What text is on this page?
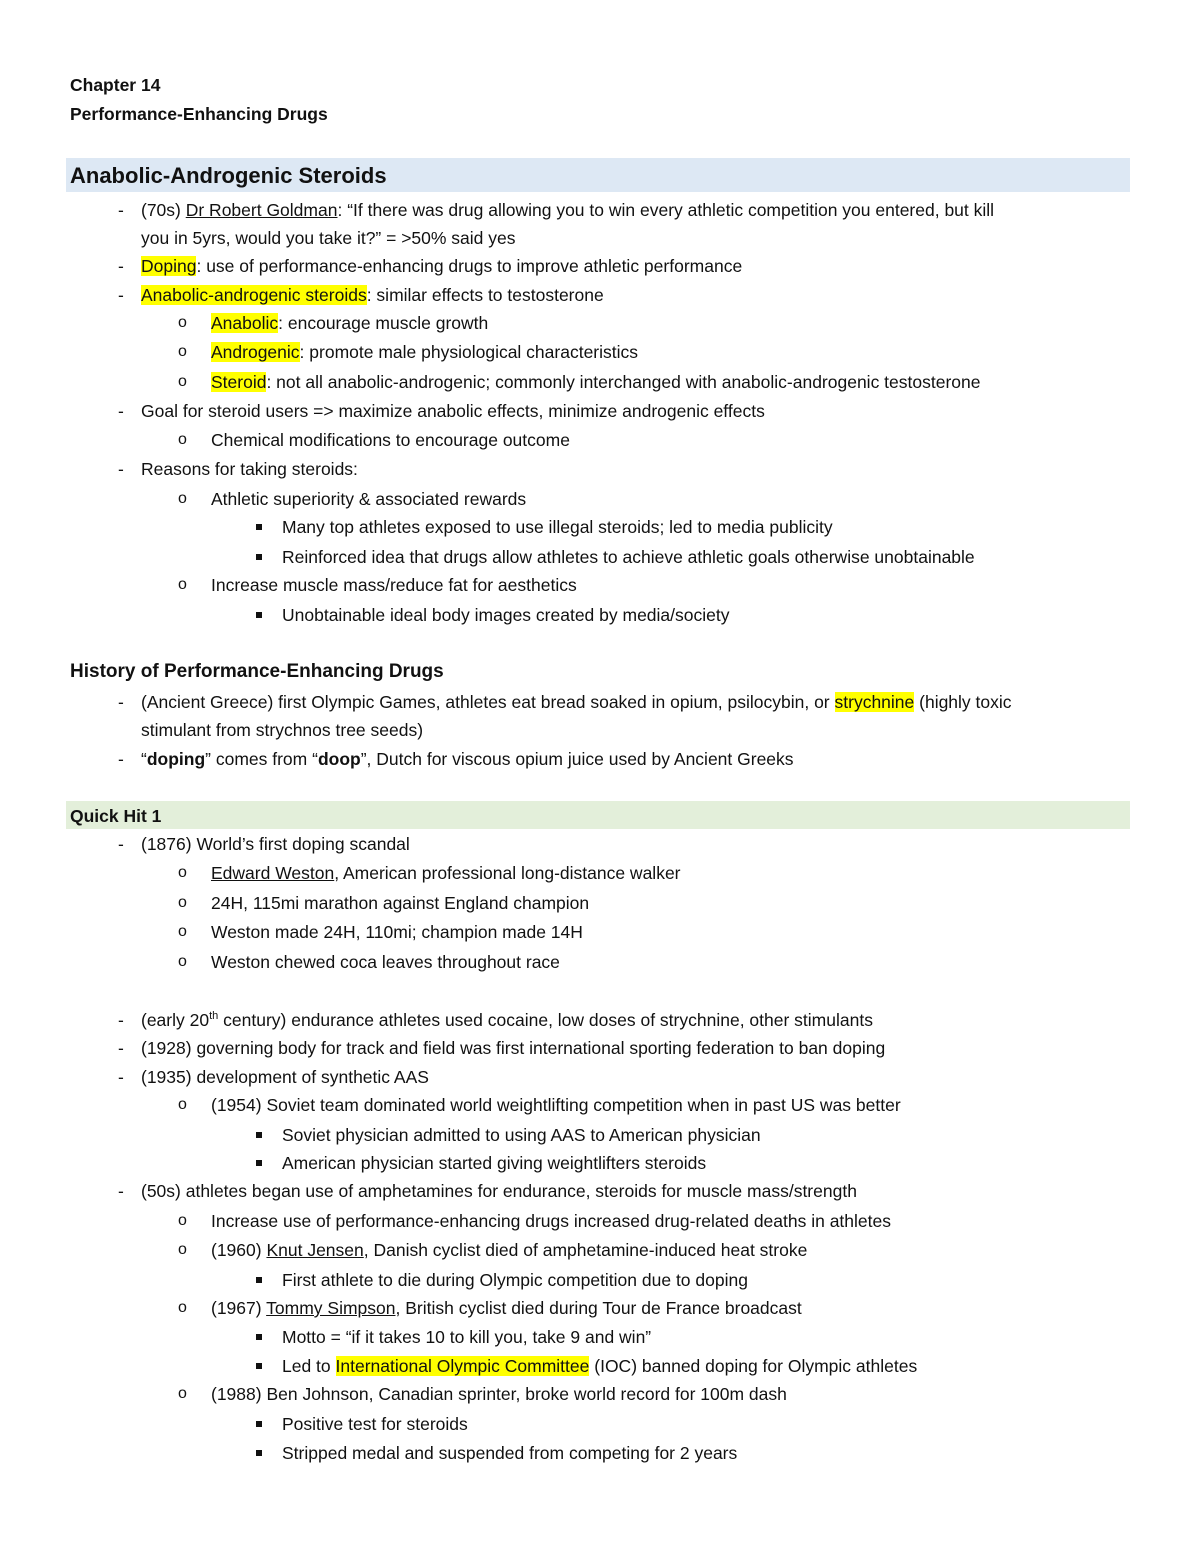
Chapter 14
Performance-Enhancing Drugs
Anabolic-Androgenic Steroids
- (70s) Dr Robert Goldman: “If there was drug allowing you to win every athletic competition you entered, but kill
you in 5yrs, would you take it?” = >50% said yes
- Doping: use of performance-enhancing drugs to improve athletic performance
- Anabolic-androgenic steroids: similar effects to testosterone
o Anabolic: encourage muscle growth
o Androgenic: promote male physiological characteristics
o Steroid: not all anabolic-androgenic; commonly interchanged with anabolic-androgenic testosterone
- Goal for steroid users => maximize anabolic effects, minimize androgenic effects
o Chemical modifications to encourage outcome
- Reasons for taking steroids:
o Athletic superiority & associated rewards
Many top athletes exposed to use illegal steroids; led to media publicity
Reinforced idea that drugs allow athletes to achieve athletic goals otherwise unobtainable
o Increase muscle mass/reduce fat for aesthetics
Unobtainable ideal body images created by media/society
History of Performance-Enhancing Drugs
- (Ancient Greece) first Olympic Games, athletes eat bread soaked in opium, psilocybin, or strychnine (highly toxic
stimulant from strychnos tree seeds)
- “doping” comes from “doop”, Dutch for viscous opium juice used by Ancient Greeks
Quick Hit 1
- (1876) World’s first doping scandal
o Edward Weston, American professional long-distance walker
o 24H, 115mi marathon against England champion
o Weston made 24H, 110mi; champion made 14H
o Weston chewed coca leaves throughout race
- (early 20th century) endurance athletes used cocaine, low doses of strychnine, other stimulants
- (1928) governing body for track and field was first international sporting federation to ban doping
- (1935) development of synthetic AAS
o (1954) Soviet team dominated world weightlifting competition when in past US was better
Soviet physician admitted to using AAS to American physician
American physician started giving weightlifters steroids
- (50s) athletes began use of amphetamines for endurance, steroids for muscle mass/strength
o Increase use of performance-enhancing drugs increased drug-related deaths in athletes
o (1960) Knut Jensen, Danish cyclist died of amphetamine-induced heat stroke
First athlete to die during Olympic competition due to doping
o (1967) Tommy Simpson, British cyclist died during Tour de France broadcast
Motto = “if it takes 10 to kill you, take 9 and win”
Led to International Olympic Committee (IOC) banned doping for Olympic athletes
o (1988) Ben Johnson, Canadian sprinter, broke world record for 100m dash
Positive test for steroids
Stripped medal and suspended from competing for 2 years
